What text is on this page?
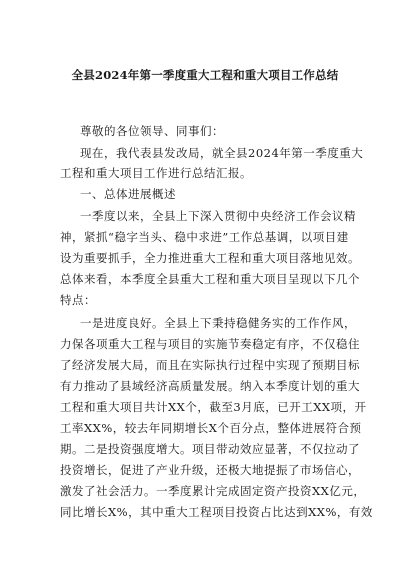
全县2024年第一季度重大工程和重大项目工作总结
尊敬的各位领导、同事们：
现在，我代表县发改局，就全县2024年第一季度重大
工程和重大项目工作进行总结汇报。
一、总体进展概述
一季度以来，全县上下深入贯彻中央经济工作会议精
神，紧抓“稳字当头、稳中求进”工作总基调，以项目建
设为重要抓手，全力推进重大工程和重大项目落地见效。
总体来看，本季度全县重大工程和重大项目呈现以下几个
特点：
一是进度良好。全县上下秉持稳健务实的工作作风，
力保各项重大工程与项目的实施节奏稳定有序，不仅稳住
了经济发展大局，而且在实际执行过程中实现了预期目标
有力推动了县域经济高质量发展。纳入本季度计划的重大
工程和重大项目共计XX个，截至3月底，已开工XX项，开
工率XX%，较去年同期增长X个百分点，整体进展符合预
期。二是投资强度增大。项目带动效应显著，不仅拉动了
投资增长，促进了产业升级，还极大地提振了市场信心，
激发了社会活力。一季度累计完成固定资产投资XX亿元，
同比增长X%，其中重大工程项目投资占比达到XX%，有效
